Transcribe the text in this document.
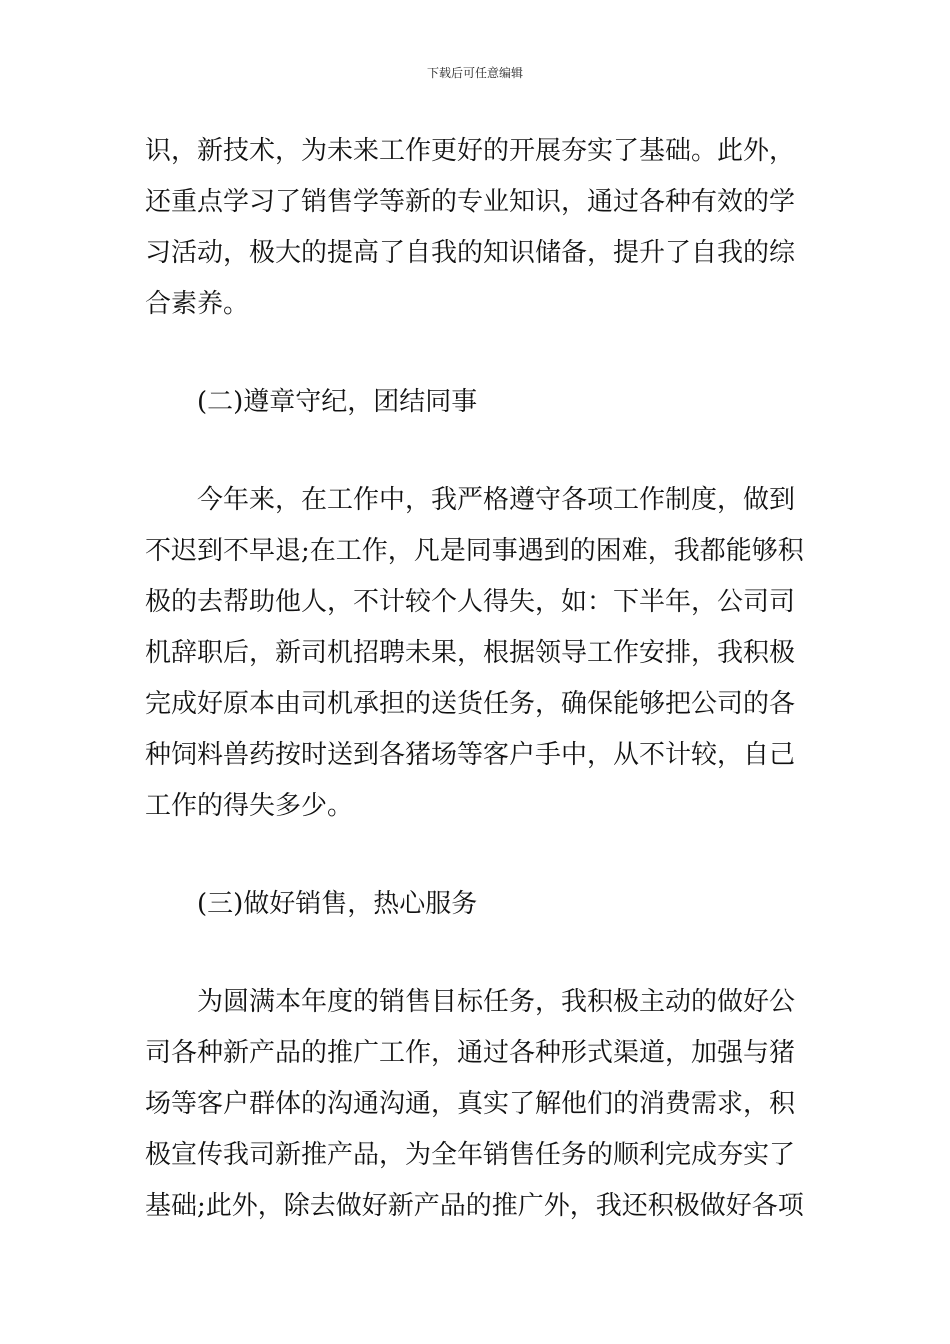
下载后可任意编辑
识，新技术，为未来工作更好的开展夯实了基础。此外，
还重点学习了销售学等新的专业知识，通过各种有效的学
习活动，极大的提高了自我的知识储备，提升了自我的综
合素养。
(二)遵章守纪，团结同事
　　今年来，在工作中，我严格遵守各项工作制度，做到
不迟到不早退;在工作，凡是同事遇到的困难，我都能够积
极的去帮助他人，不计较个人得失，如：下半年，公司司
机辞职后，新司机招聘未果，根据领导工作安排，我积极
完成好原本由司机承担的送货任务，确保能够把公司的各
种饲料兽药按时送到各猪场等客户手中，从不计较，自己
工作的得失多少。
(三)做好销售，热心服务
　　为圆满本年度的销售目标任务，我积极主动的做好公
司各种新产品的推广工作，通过各种形式渠道，加强与猪
场等客户群体的沟通沟通，真实了解他们的消费需求，积
极宣传我司新推产品，为全年销售任务的顺利完成夯实了
基础;此外，除去做好新产品的推广外，我还积极做好各项
